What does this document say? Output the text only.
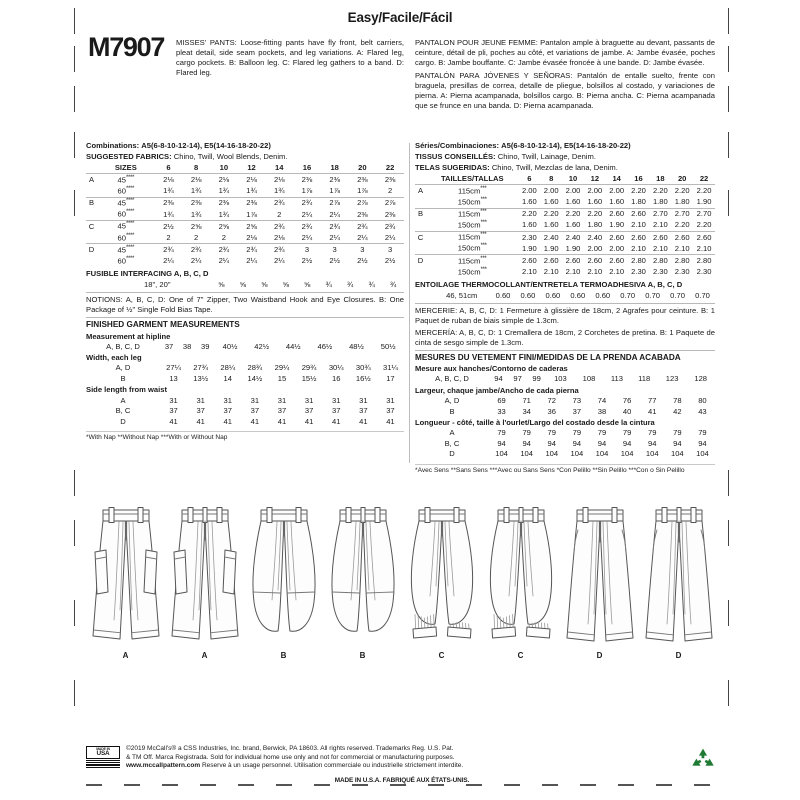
Easy/Facile/Fácil
M7907 MISSES' PANTS: Loose-fitting pants have fly front, belt carriers, pleat detail, side seam pockets, and leg variations. A: Flared leg, cargo pockets. B: Balloon leg. C: Flared leg gathers to a band. D: Flared leg.

PANTALON POUR JEUNE FEMME: Pantalon ample à braguette au devant, passants de ceinture, détail de pli, poches au côté, et variations de jambe. A: Jambe évasée, poches cargo. B: Jambe bouffante. C: Jambe évasée froncée à une bande. D: Jambe évasée.

PANTALÓN PARA JÓVENES Y SEÑORAS: Pantalón de entalle suelto, frente con braguela, presillas de correa, detalle de pliegue, bolsillos al costado, y variaciones de pierna. A: Pierna acampanada, bolsillos cargo. B: Pierna ancha. C: Pierna acampanada que se frunce en una banda. D: Pierna acampanada.

Combinations: A5(6-8-10-12-14), E5(14-16-18-20-22)
SUGGESTED FABRICS: Chino, Twill, Wool Blends, Denim.
	SIZES	6	8	10	12	14	16	18	20	22
A	45****	2⅛	2⅛	2⅛	2⅛	2⅛	2⅜	2⅜	2⅜	2⅜
	60****	1¾	1¾	1¾	1¾	1¾	1⅞	1⅞	1⅞	2
B	45****	2⅜	2⅜	2⅜	2⅜	2¾	2¾	2⅞	2⅞	2⅞
	60****	1¾	1¾	1¾	1⅞	2	2¼	2¼	2⅜	2⅜
C	45****	2½	2⅝	2⅝	2⅝	2¾	2¾	2¾	2¾	2¾
	60****	2	2	2	2⅛	2⅛	2¼	2¼	2¼	2¼
D	45****	2¾	2¾	2¾	2¾	2¾	3	3	3	3
	60****	2¼	2¼	2¼	2¼	2¼	2½	2½	2½	2½
FUSIBLE INTERFACING A, B, C, D
	18", 20"	⅝	⅝	⅝	⅝	⅝	¾	¾	¾	¾
NOTIONS: A, B, C, D: One of 7" Zipper, Two Waistband Hook and Eye Closures. B: One Package of ½" Single Fold Bias Tape.
FINISHED GARMENT MEASUREMENTS
Measurement at hipline
A, B, C, D	37	38	39	40½	42½	44½	46½	48½	50½
Width, each leg
A, D	27¼	27¾	28¼	28¾	29¼	29¾	30¼	30¾	31¼
B	13	13½	14	14½	15	15½	16	16½	17
Side length from waist
A	31	31	31	31	31	31	31	31	31
B, C	37	37	37	37	37	37	37	37	37
D	41	41	41	41	41	41	41	41	41
*With Nap **Without Nap ***With or Without Nap
Séries/Combinaciones: A5(6-8-10-12-14), E5(14-16-18-20-22)
TISSUS CONSEILLÉS: Chino, Twill, Lainage, Denim.
TELAS SUGERIDAS: Chino, Twill, Mezclas de lana, Denim.
	TAILLES/TALLAS	6	8	10	12	14	16	18	20	22
A	115cm***	2.00	2.00	2.00	2.00	2.00	2.20	2.20	2.20	2.20
	150cm***	1.60	1.60	1.60	1.60	1.60	1.80	1.80	1.80	1.90
B	115cm***	2.20	2.20	2.20	2.20	2.60	2.60	2.70	2.70	2.70
	150cm***	1.60	1.60	1.60	1.80	1.90	2.10	2.10	2.20	2.20
C	115cm***	2.30	2.40	2.40	2.40	2.60	2.60	2.60	2.60	2.60
	150cm***	1.90	1.90	1.90	2.00	2.00	2.10	2.10	2.10	2.10
D	115cm***	2.60	2.60	2.60	2.60	2.60	2.80	2.80	2.80	2.80
	150cm***	2.10	2.10	2.10	2.10	2.10	2.30	2.30	2.30	2.30
ENTOILAGE THERMOCOLLANT/ENTRETELA TERMOADHESIVA A, B, C, D
	46, 51cm	0.60	0.60	0.60	0.60	0.60	0.70	0.70	0.70	0.70
MERCERIE: A, B, C, D: 1 Fermeture à glissière de 18cm, 2 Agrafes pour ceinture. B: 1 Paquet de ruban de biais simple de 1.3cm.
MERCERÍA: A, B, C, D: 1 Cremallera de 18cm, 2 Corchetes de pretina. B: 1 Paquete de cinta de sesgo simple de 1.3cm.
MESURES DU VETEMENT FINI/MEDIDAS DE LA PRENDA ACABADA
Mesure aux hanches/Contorno de caderas
A, B, C, D	94	97	99	103	108	113	118	123	128
Largeur, chaque jambe/Ancho de cada pierna
A, D	69	71	72	73	74	76	77	78	80
B	33	34	36	37	38	40	41	42	43
Longueur - côté, taille à l'ourlet/Largo del costado desde la cintura
A	79	79	79	79	79	79	79	79	79
B, C	94	94	94	94	94	94	94	94	94
D	104	104	104	104	104	104	104	104	104
*Avec Sens **Sans Sens ***Avec ou Sans Sens *Con Pelillo **Sin Pelillo ***Con o Sin Pelillo
A	A	B	B	C	C	D	D
MADE IN
USA
©2019 McCall's® a CSS Industries, Inc. brand, Berwick, PA 18603. All rights reserved. Trademarks Reg. U.S. Pat.
& TM Off. Marca Registrada. Sold for individual home use only and not for commercial or manufacturing purposes.
www.mccallpattern.com Reserve à un usage personnel. Utilisation commerciale ou industrielle strictement interdite.
MADE IN U.S.A. FABRIQUÉ AUX ÉTATS-UNIS.
